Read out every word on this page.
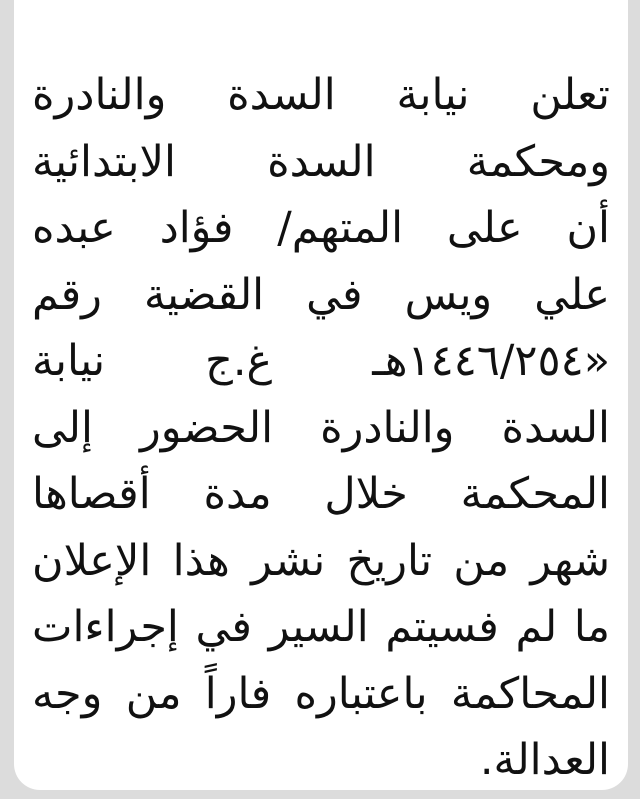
تعلن نيابة السدة والنادرة
ومحكمة السدة الابتدائية
أن على المتهم/ فؤاد عبده
علي ويس في القضية رقم
«١٤٤٦/٢٥٤هـ غ.ج نيابة
السدة والنادرة الحضور إلى
المحكمة خلال مدة أقصاها
شهر من تاريخ نشر هذا الإعلان
ما لم فسيتم السير في إجراءات
المحاكمة باعتباره فاراً من وجه
العدالة.
